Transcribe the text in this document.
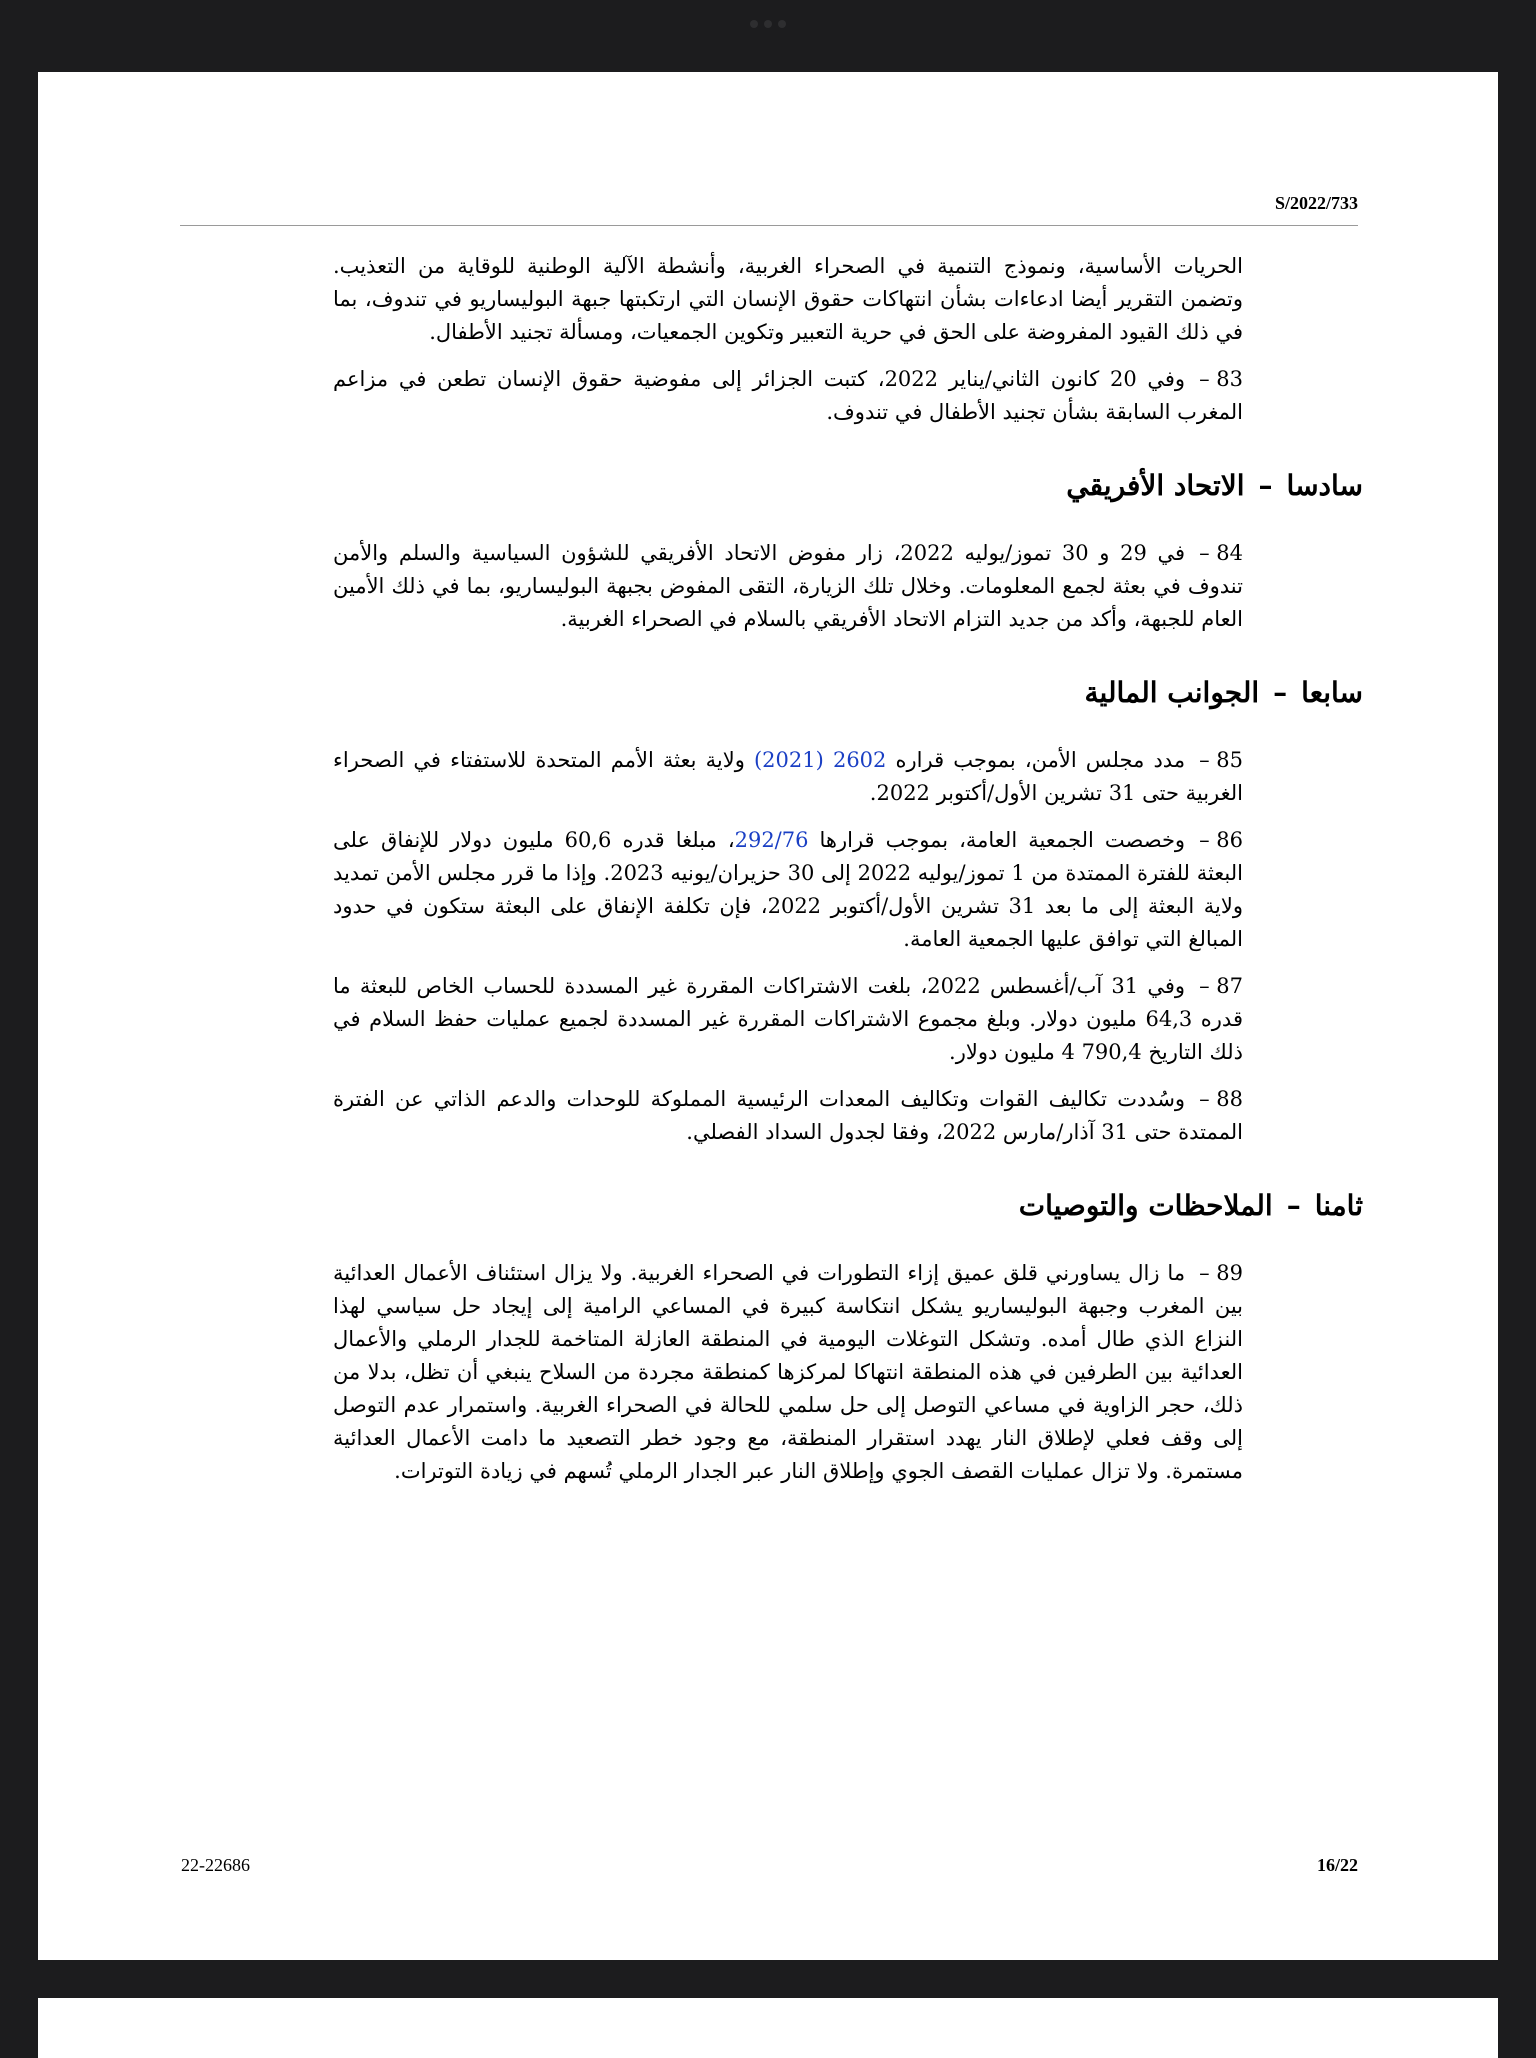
S/2022/733

الحريات الأساسية، ونموذج التنمية في الصحراء الغربية، وأنشطة الآلية الوطنية للوقاية من التعذيب. وتضمن التقرير أيضا ادعاءات بشأن انتهاكات حقوق الإنسان التي ارتكبتها جبهة البوليساريو في تندوف، بما في ذلك القيود المفروضة على الحق في حرية التعبير وتكوين الجمعيات، ومسألة تجنيد الأطفال.

83 –وفي 20 كانون الثاني/يناير 2022، كتبت الجزائر إلى مفوضية حقوق الإنسان تطعن في مزاعم المغرب السابقة بشأن تجنيد الأطفال في تندوف.

سادسا–الاتحاد الأفريقي

84 –في 29 و 30 تموز/يوليه 2022، زار مفوض الاتحاد الأفريقي للشؤون السياسية والسلم والأمن تندوف في بعثة لجمع المعلومات. وخلال تلك الزيارة، التقى المفوض بجبهة البوليساريو، بما في ذلك الأمين العام للجبهة، وأكد من جديد التزام الاتحاد الأفريقي بالسلام في الصحراء الغربية.

سابعا–الجوانب المالية

85 –مدد مجلس الأمن، بموجب قراره 2602 (2021) ولاية بعثة الأمم المتحدة للاستفتاء في الصحراء الغربية حتى 31 تشرين الأول/أكتوبر 2022.

86 –وخصصت الجمعية العامة، بموجب قرارها 292/76، مبلغا قدره 60,6 مليون دولار للإنفاق على البعثة للفترة الممتدة من 1 تموز/يوليه 2022 إلى 30 حزيران/يونيه 2023. وإذا ما قرر مجلس الأمن تمديد ولاية البعثة إلى ما بعد 31 تشرين الأول/أكتوبر 2022، فإن تكلفة الإنفاق على البعثة ستكون في حدود المبالغ التي توافق عليها الجمعية العامة.

87 –وفي 31 آب/أغسطس 2022، بلغت الاشتراكات المقررة غير المسددة للحساب الخاص للبعثة ما قدره 64,3 مليون دولار. وبلغ مجموع الاشتراكات المقررة غير المسددة لجميع عمليات حفظ السلام في ذلك التاريخ 790,4 4 مليون دولار.

88 –وسُددت تكاليف القوات وتكاليف المعدات الرئيسية المملوكة للوحدات والدعم الذاتي عن الفترة الممتدة حتى 31 آذار/مارس 2022، وفقا لجدول السداد الفصلي.

ثامنا–الملاحظات والتوصيات

89 –ما زال يساورني قلق عميق إزاء التطورات في الصحراء الغربية. ولا يزال استئناف الأعمال العدائية بين المغرب وجبهة البوليساريو يشكل انتكاسة كبيرة في المساعي الرامية إلى إيجاد حل سياسي لهذا النزاع الذي طال أمده. وتشكل التوغلات اليومية في المنطقة العازلة المتاخمة للجدار الرملي والأعمال العدائية بين الطرفين في هذه المنطقة انتهاكا لمركزها كمنطقة مجردة من السلاح ينبغي أن تظل، بدلا من ذلك، حجر الزاوية في مساعي التوصل إلى حل سلمي للحالة في الصحراء الغربية. واستمرار عدم التوصل إلى وقف فعلي لإطلاق النار يهدد استقرار المنطقة، مع وجود خطر التصعيد ما دامت الأعمال العدائية مستمرة. ولا تزال عمليات القصف الجوي وإطلاق النار عبر الجدار الرملي تُسهم في زيادة التوترات.

22-22686	16/22
